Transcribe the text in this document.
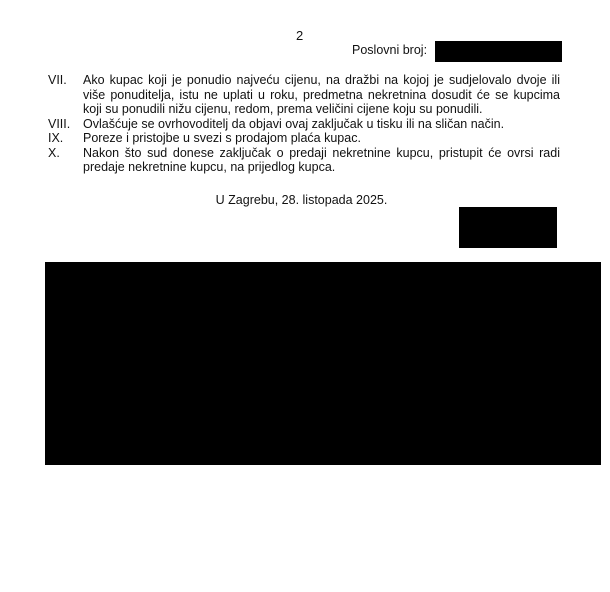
2
Poslovni broj:
VII.	Ako kupac koji je ponudio najveću cijenu, na dražbi na kojoj je sudjelovalo dvoje ili više ponuditelja, istu ne uplati u roku, predmetna nekretnina dosudit će se kupcima koji su ponudili nižu cijenu, redom, prema veličini cijene koju su ponudili.
VIII.	Ovlašćuje se ovrhovoditelj da objavi ovaj zaključak u tisku ili na sličan način.
IX.	Poreze i pristojbe u svezi s prodajom plaća kupac.
X.	Nakon što sud donese zaključak o predaji nekretnine kupcu, pristupit će ovrsi radi predaje nekretnine kupcu, na prijedlog kupca.
U Zagrebu, 28. listopada 2025.
